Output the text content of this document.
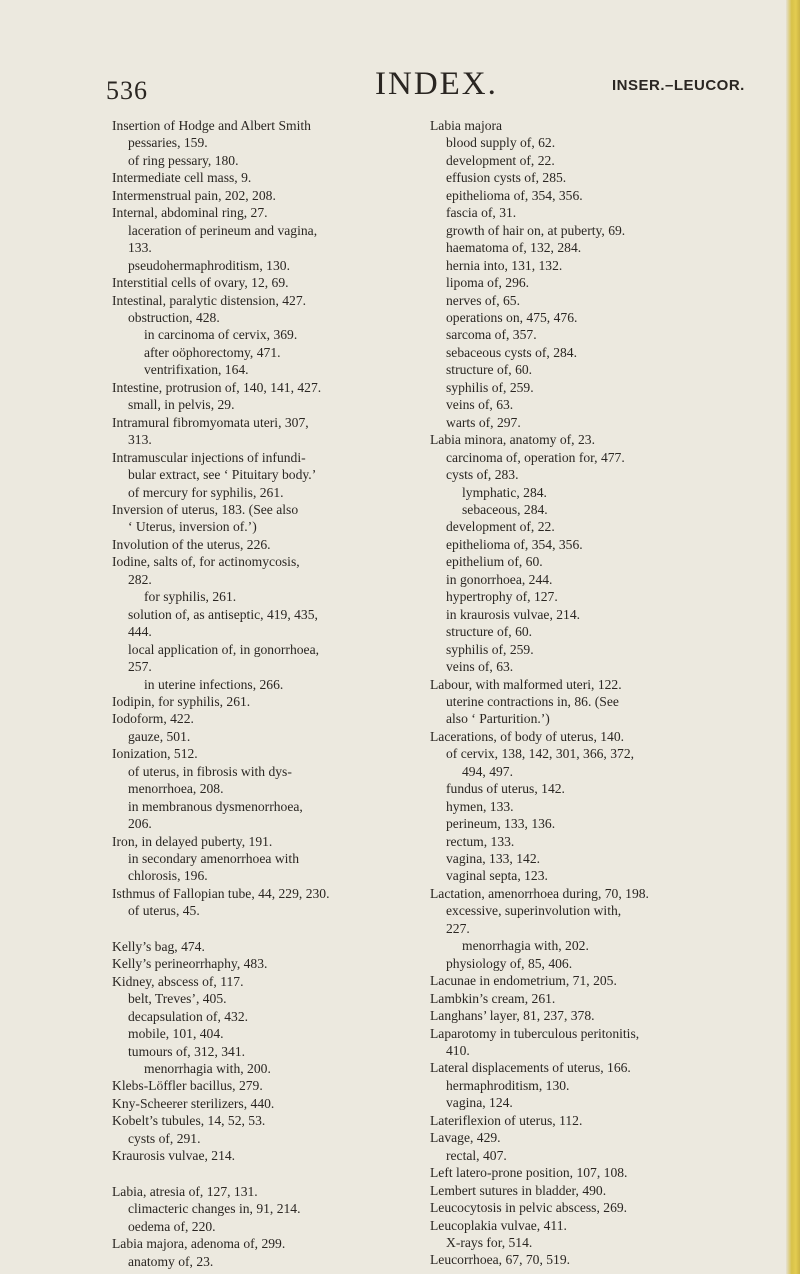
536	INDEX.	INSER.–LEUCOR.
Insertion of Hodge and Albert Smith
pessaries, 159.
of ring pessary, 180.
Intermediate cell mass, 9.
Intermenstrual pain, 202, 208.
Internal, abdominal ring, 27.
laceration of perineum and vagina,
133.
pseudohermaphroditism, 130.
Interstitial cells of ovary, 12, 69.
Intestinal, paralytic distension, 427.
obstruction, 428.
in carcinoma of cervix, 369.
after oöphorectomy, 471.
ventrifixation, 164.
Intestine, protrusion of, 140, 141, 427.
small, in pelvis, 29.
Intramural fibromyomata uteri, 307,
313.
Intramuscular injections of infundi-
bular extract, see ‘ Pituitary body.’
of mercury for syphilis, 261.
Inversion of uterus, 183. (See also
‘ Uterus, inversion of.’)
Involution of the uterus, 226.
Iodine, salts of, for actinomycosis,
282.
for syphilis, 261.
solution of, as antiseptic, 419, 435,
444.
local application of, in gonorrhoea,
257.
in uterine infections, 266.
Iodipin, for syphilis, 261.
Iodoform, 422.
gauze, 501.
Ionization, 512.
of uterus, in fibrosis with dys-
menorrhoea, 208.
in membranous dysmenorrhoea,
206.
Iron, in delayed puberty, 191.
in secondary amenorrhoea with
chlorosis, 196.
Isthmus of Fallopian tube, 44, 229, 230.
of uterus, 45.
Kelly’s bag, 474.
Kelly’s perineorrhaphy, 483.
Kidney, abscess of, 117.
belt, Treves’, 405.
decapsulation of, 432.
mobile, 101, 404.
tumours of, 312, 341.
menorrhagia with, 200.
Klebs-Löffler bacillus, 279.
Kny-Scheerer sterilizers, 440.
Kobelt’s tubules, 14, 52, 53.
cysts of, 291.
Kraurosis vulvae, 214.
Labia, atresia of, 127, 131.
climacteric changes in, 91, 214.
oedema of, 220.
Labia majora, adenoma of, 299.
anatomy of, 23.
Labia majora
blood supply of, 62.
development of, 22.
effusion cysts of, 285.
epithelioma of, 354, 356.
fascia of, 31.
growth of hair on, at puberty, 69.
haematoma of, 132, 284.
hernia into, 131, 132.
lipoma of, 296.
nerves of, 65.
operations on, 475, 476.
sarcoma of, 357.
sebaceous cysts of, 284.
structure of, 60.
syphilis of, 259.
veins of, 63.
warts of, 297.
Labia minora, anatomy of, 23.
carcinoma of, operation for, 477.
cysts of, 283.
lymphatic, 284.
sebaceous, 284.
development of, 22.
epithelioma of, 354, 356.
epithelium of, 60.
in gonorrhoea, 244.
hypertrophy of, 127.
in kraurosis vulvae, 214.
structure of, 60.
syphilis of, 259.
veins of, 63.
Labour, with malformed uteri, 122.
uterine contractions in, 86. (See
also ‘ Parturition.’)
Lacerations, of body of uterus, 140.
of cervix, 138, 142, 301, 366, 372,
494, 497.
fundus of uterus, 142.
hymen, 133.
perineum, 133, 136.
rectum, 133.
vagina, 133, 142.
vaginal septa, 123.
Lactation, amenorrhoea during, 70, 198.
excessive, superinvolution with,
227.
menorrhagia with, 202.
physiology of, 85, 406.
Lacunae in endometrium, 71, 205.
Lambkin’s cream, 261.
Langhans’ layer, 81, 237, 378.
Laparotomy in tuberculous peritonitis,
410.
Lateral displacements of uterus, 166.
hermaphroditism, 130.
vagina, 124.
Lateriflexion of uterus, 112.
Lavage, 429.
rectal, 407.
Left latero-prone position, 107, 108.
Lembert sutures in bladder, 490.
Leucocytosis in pelvic abscess, 269.
Leucoplakia vulvae, 411.
X-rays for, 514.
Leucorrhoea, 67, 70, 519.
